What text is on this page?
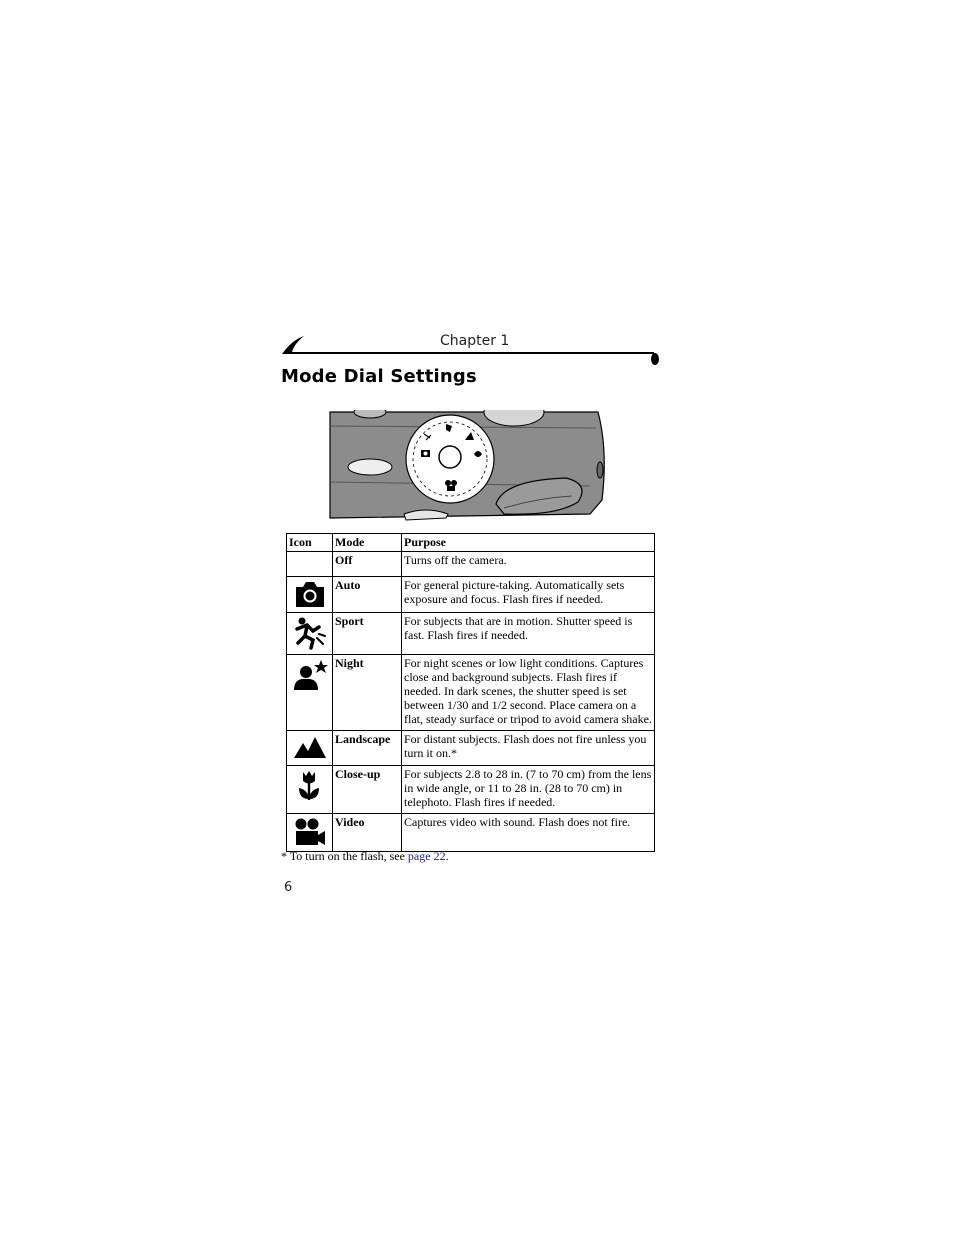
Chapter 1
Mode Dial Settings
Icon	Mode	Purpose
	Off	Turns off the camera.

	Auto	For general picture-taking. Automatically sets exposure and focus. Flash fires if needed.

	Sport	For subjects that are in motion. Shutter speed is fast. Flash fires if needed.

	Night	For night scenes or low light conditions. Captures close and background subjects. Flash fires if needed. In dark scenes, the shutter speed is set between 1/30 and 1/2 second. Place camera on a flat, steady surface or tripod to avoid camera shake.

	Landscape	For distant subjects. Flash does not fire unless you turn it on.*

	Close-up	For subjects 2.8 to 28 in. (7 to 70 cm) from the lens in wide angle, or 11 to 28 in. (28 to 70 cm) in telephoto. Flash fires if needed.

	Video	Captures video with sound. Flash does not fire.
* To turn on the flash, see page 22.
6
